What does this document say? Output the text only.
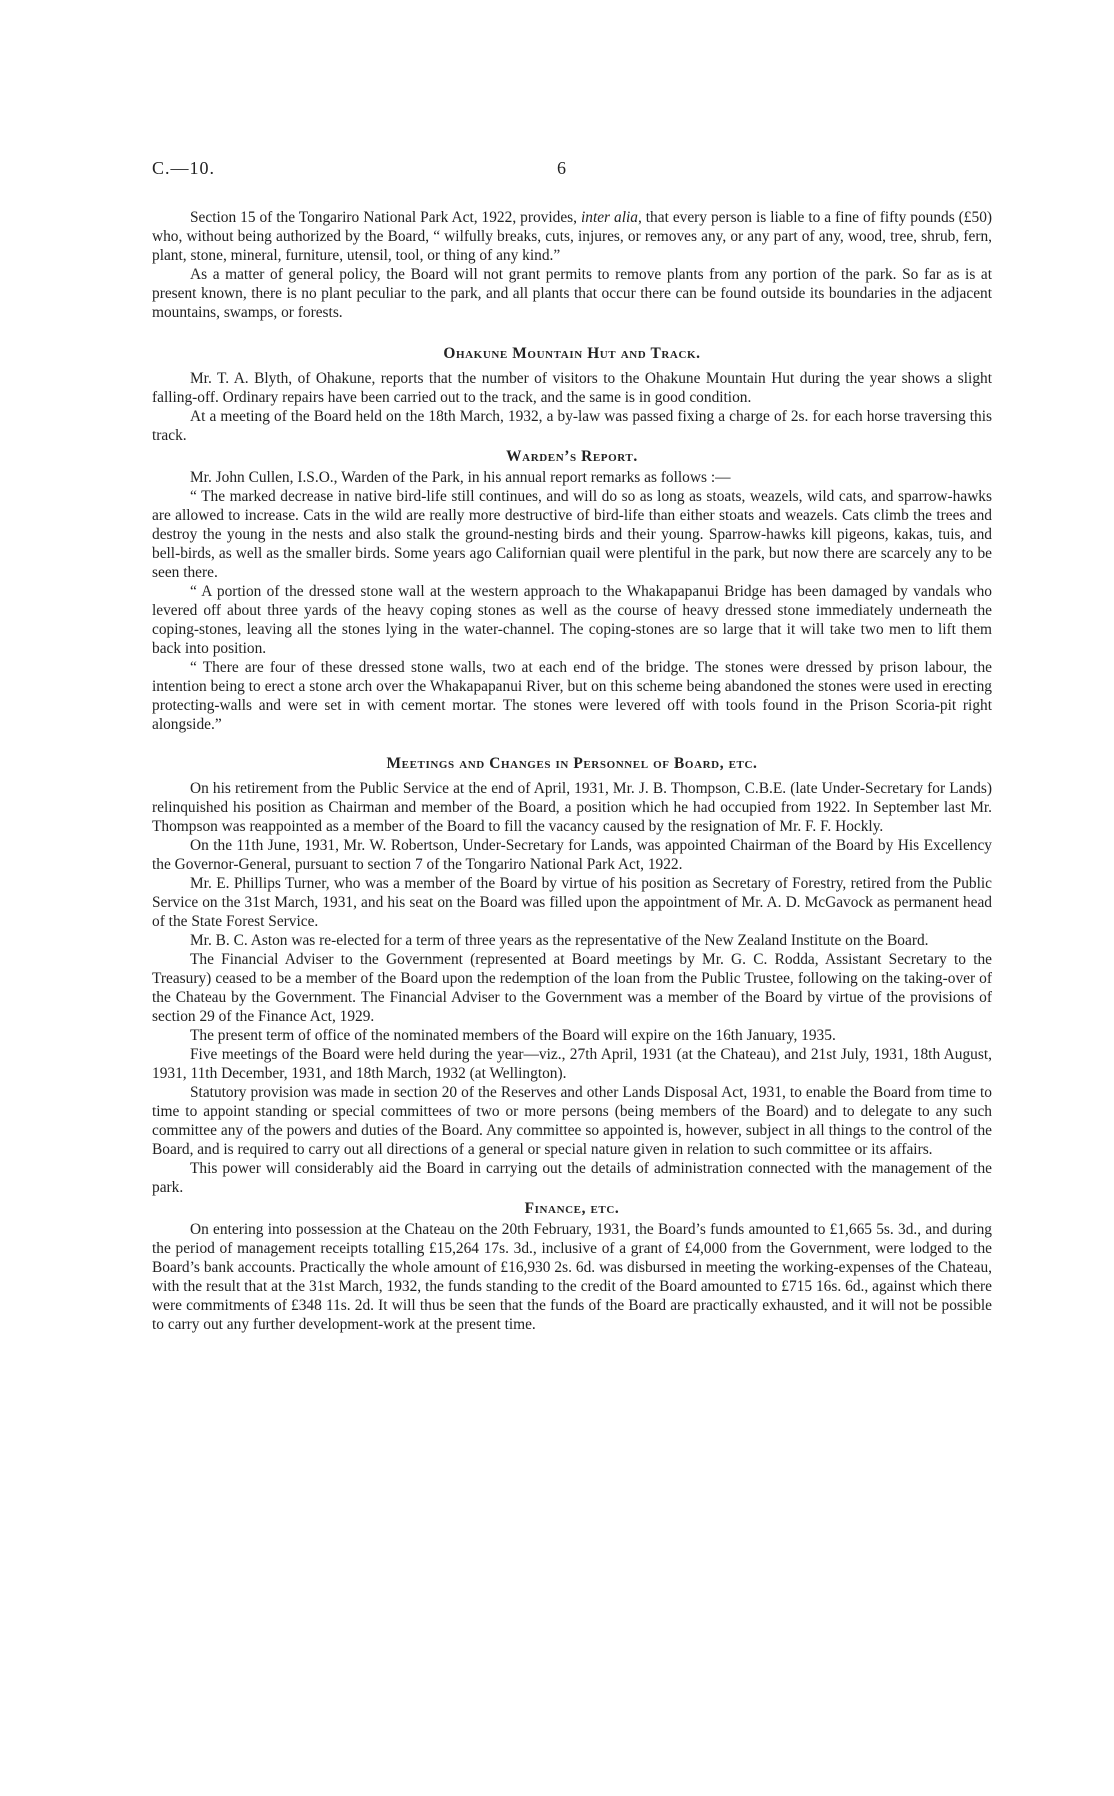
C.—10.	6

Section 15 of the Tongariro National Park Act, 1922, provides, inter alia, that every person is liable to a fine of fifty pounds (£50) who, without being authorized by the Board, “ wilfully breaks, cuts, injures, or removes any, or any part of any, wood, tree, shrub, fern, plant, stone, mineral, furniture, utensil, tool, or thing of any kind.”

As a matter of general policy, the Board will not grant permits to remove plants from any portion of the park. So far as is at present known, there is no plant peculiar to the park, and all plants that occur there can be found outside its boundaries in the adjacent mountains, swamps, or forests.

Ohakune Mountain Hut and Track.

Mr. T. A. Blyth, of Ohakune, reports that the number of visitors to the Ohakune Mountain Hut during the year shows a slight falling-off. Ordinary repairs have been carried out to the track, and the same is in good condition.

At a meeting of the Board held on the 18th March, 1932, a by-law was passed fixing a charge of 2s. for each horse traversing this track.

Warden’s Report.

Mr. John Cullen, I.S.O., Warden of the Park, in his annual report remarks as follows :—

“ The marked decrease in native bird-life still continues, and will do so as long as stoats, weazels, wild cats, and sparrow-hawks are allowed to increase. Cats in the wild are really more destructive of bird-life than either stoats and weazels. Cats climb the trees and destroy the young in the nests and also stalk the ground-nesting birds and their young. Sparrow-hawks kill pigeons, kakas, tuis, and bell-birds, as well as the smaller birds. Some years ago Californian quail were plentiful in the park, but now there are scarcely any to be seen there.

“ A portion of the dressed stone wall at the western approach to the Whakapapanui Bridge has been damaged by vandals who levered off about three yards of the heavy coping stones as well as the course of heavy dressed stone immediately underneath the coping-stones, leaving all the stones lying in the water-channel. The coping-stones are so large that it will take two men to lift them back into position.

“ There are four of these dressed stone walls, two at each end of the bridge. The stones were dressed by prison labour, the intention being to erect a stone arch over the Whakapapanui River, but on this scheme being abandoned the stones were used in erecting protecting-walls and were set in with cement mortar. The stones were levered off with tools found in the Prison Scoria-pit right alongside.”

Meetings and Changes in Personnel of Board, etc.

On his retirement from the Public Service at the end of April, 1931, Mr. J. B. Thompson, C.B.E. (late Under-Secretary for Lands) relinquished his position as Chairman and member of the Board, a position which he had occupied from 1922. In September last Mr. Thompson was reappointed as a member of the Board to fill the vacancy caused by the resignation of Mr. F. F. Hockly.

On the 11th June, 1931, Mr. W. Robertson, Under-Secretary for Lands, was appointed Chairman of the Board by His Excellency the Governor-General, pursuant to section 7 of the Tongariro National Park Act, 1922.

Mr. E. Phillips Turner, who was a member of the Board by virtue of his position as Secretary of Forestry, retired from the Public Service on the 31st March, 1931, and his seat on the Board was filled upon the appointment of Mr. A. D. McGavock as permanent head of the State Forest Service.

Mr. B. C. Aston was re-elected for a term of three years as the representative of the New Zealand Institute on the Board.

The Financial Adviser to the Government (represented at Board meetings by Mr. G. C. Rodda, Assistant Secretary to the Treasury) ceased to be a member of the Board upon the redemption of the loan from the Public Trustee, following on the taking-over of the Chateau by the Government. The Financial Adviser to the Government was a member of the Board by virtue of the provisions of section 29 of the Finance Act, 1929.

The present term of office of the nominated members of the Board will expire on the 16th January, 1935.

Five meetings of the Board were held during the year—viz., 27th April, 1931 (at the Chateau), and 21st July, 1931, 18th August, 1931, 11th December, 1931, and 18th March, 1932 (at Wellington).

Statutory provision was made in section 20 of the Reserves and other Lands Disposal Act, 1931, to enable the Board from time to time to appoint standing or special committees of two or more persons (being members of the Board) and to delegate to any such committee any of the powers and duties of the Board. Any committee so appointed is, however, subject in all things to the control of the Board, and is required to carry out all directions of a general or special nature given in relation to such committee or its affairs.

This power will considerably aid the Board in carrying out the details of administration connected with the management of the park.

Finance, etc.

On entering into possession at the Chateau on the 20th February, 1931, the Board’s funds amounted to £1,665 5s. 3d., and during the period of management receipts totalling £15,264 17s. 3d., inclusive of a grant of £4,000 from the Government, were lodged to the Board’s bank accounts. Practically the whole amount of £16,930 2s. 6d. was disbursed in meeting the working-expenses of the Chateau, with the result that at the 31st March, 1932, the funds standing to the credit of the Board amounted to £715 16s. 6d., against which there were commitments of £348 11s. 2d. It will thus be seen that the funds of the Board are practically exhausted, and it will not be possible to carry out any further development-work at the present time.
